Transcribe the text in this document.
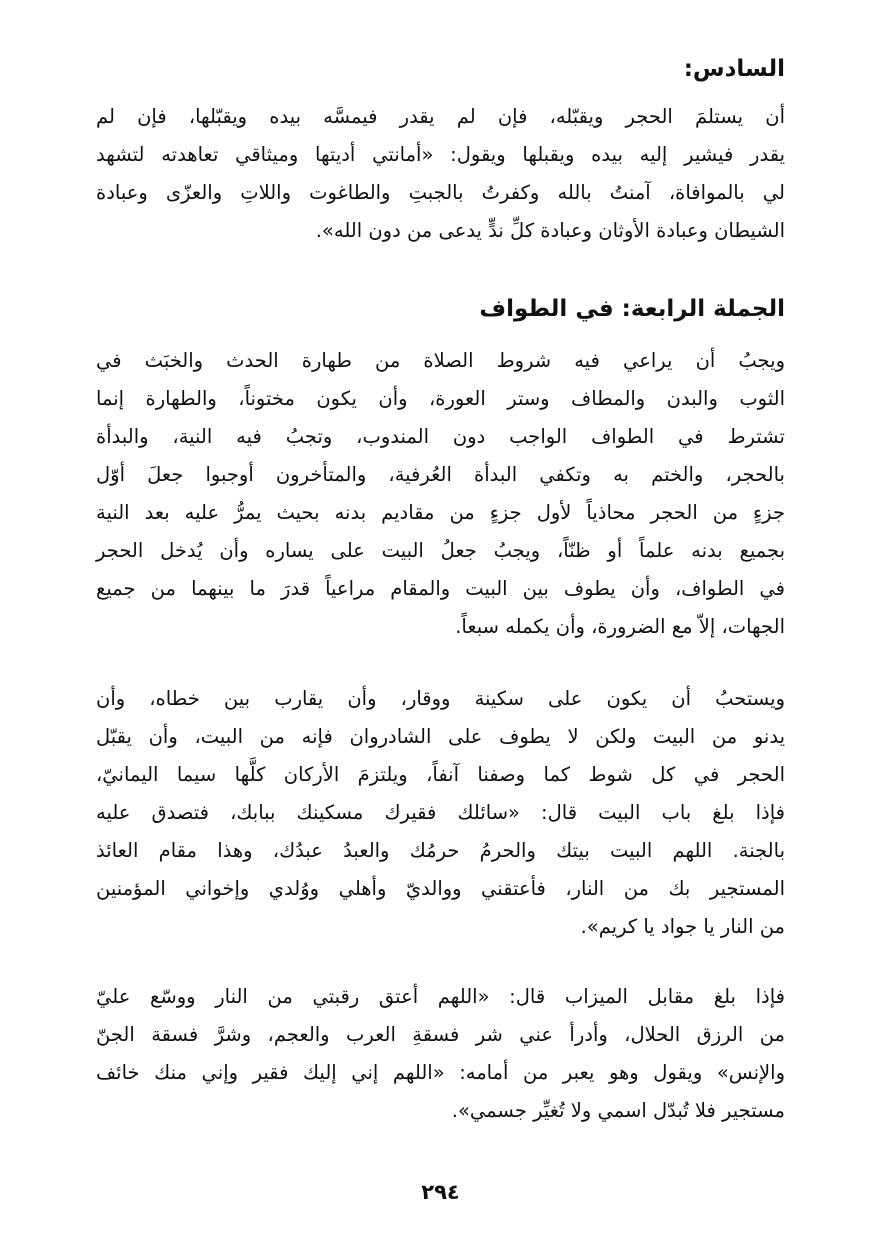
السادس:
أن يستلمَ الحجر ويقبّله، فإن لم يقدر فيمسَّه بيده ويقبّلها، فإن لم
يقدر فيشير إليه بيده ويقبلها ويقول: «أمانتي أديتها وميثاقي تعاهدته لتشهد
لي بالموافاة، آمنتُ بالله وكفرتُ بالجبتِ والطاغوت واللاتِ والعزّى وعبادة
الشيطان وعبادة الأوثان وعبادة كلِّ ندٍّ يدعى من دون الله».
الجملة الرابعة: في الطواف
ويجبُ أن يراعي فيه شروط الصلاة من طهارة الحدث والخبَث في
الثوب والبدن والمطاف وستر العورة، وأن يكون مختوناً، والطهارة إنما
تشترط في الطواف الواجب دون المندوب، وتجبُ فيه النية، والبدأة
بالحجر، والختم به وتكفي البدأة العُرفية، والمتأخرون أوجبوا جعلَ أوّل
جزءٍ من الحجر محاذياً لأول جزءٍ من مقاديم بدنه بحيث يمرُّ عليه بعد النية
بجميع بدنه علماً أو ظنّاً، ويجبُ جعلُ البيت على يساره وأن يُدخل الحجر
في الطواف، وأن يطوف بين البيت والمقام مراعياً قدرَ ما بينهما من جميع
الجهات، إلاّ مع الضرورة، وأن يكمله سبعاً.
ويستحبُ أن يكون على سكينة ووقار، وأن يقارب بين خطاه، وأن
يدنو من البيت ولكن لا يطوف على الشادروان فإنه من البيت، وأن يقبّل
الحجر في كل شوط كما وصفنا آنفاً، ويلتزمَ الأركان كلَّها سيما اليمانيّ،
فإذا بلغ باب البيت قال: «سائلك فقيرك مسكينك ببابك، فتصدق عليه
بالجنة. اللهم البيت بيتك والحرمُ حرمُك والعبدُ عبدُك، وهذا مقام العائذ
المستجير بك من النار، فأعتقني ووالديّ وأهلي ووُلدي وإخواني المؤمنين
من النار يا جواد يا كريم».
فإذا بلغ مقابل الميزاب قال: «اللهم أعتق رقبتي من النار ووسّع عليّ
من الرزق الحلال، وأدرأ عني شر فسقةِ العرب والعجم، وشرَّ فسقة الجنّ
والإنس» ويقول وهو يعبر من أمامه: «اللهم إني إليك فقير وإني منك خائف
مستجير فلا تُبدّل اسمي ولا تُغيِّر جسمي».
٢٩٤
